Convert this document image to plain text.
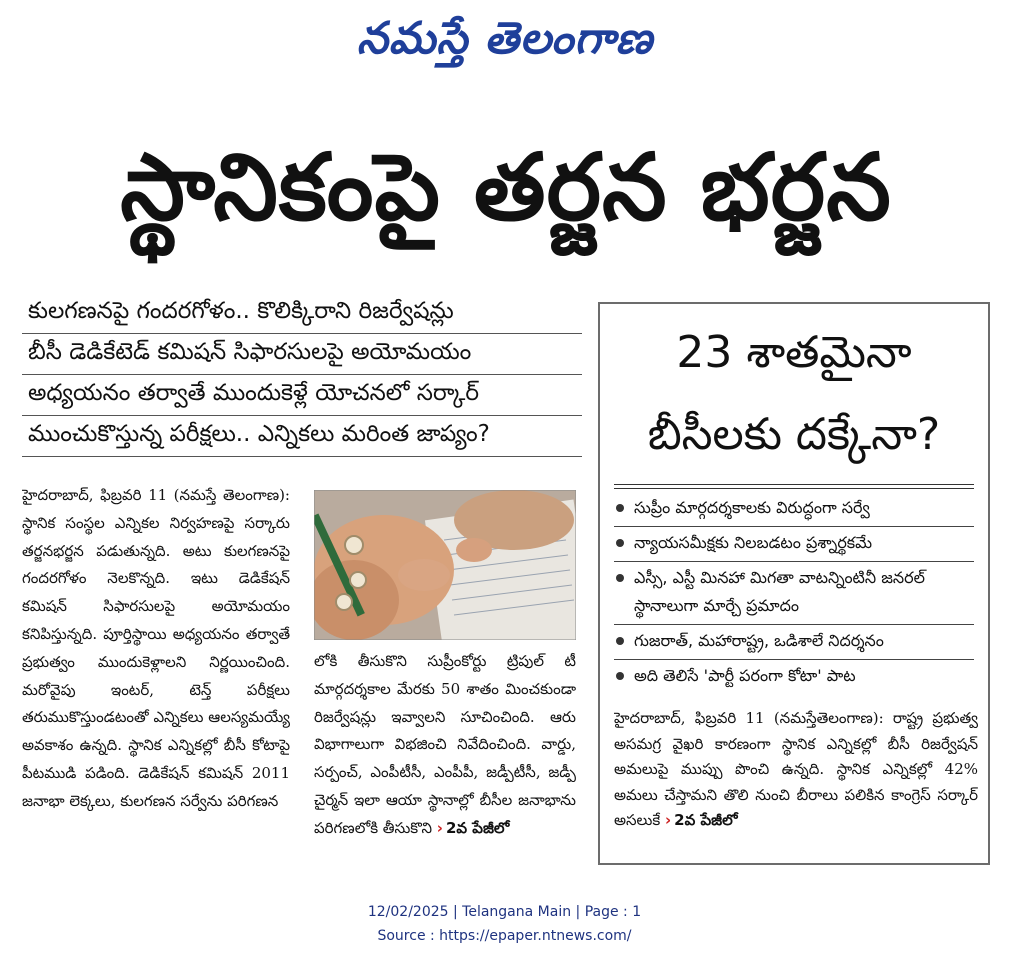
నమస్తే తెలంగాణ
స్థానికంపై తర్జన భర్జన
కులగణనపై గందరగోళం.. కొలిక్కిరాని రిజర్వేషన్లు
బీసీ డెడికేటెడ్ కమిషన్ సిఫారసులపై అయోమయం
అధ్యయనం తర్వాతే ముందుకెళ్లే యోచనలో సర్కార్
ముంచుకొస్తున్న పరీక్షలు.. ఎన్నికలు మరింత జాప్యం?
హైదరాబాద్, ఫిబ్రవరి 11 (నమస్తే తెలంగాణ): స్థానిక సంస్థల ఎన్నికల నిర్వహణపై సర్కారు తర్జనభర్జన పడుతున్నది. అటు కులగణనపై గందరగోళం నెలకొన్నది. ఇటు డెడికేషన్ కమిషన్ సిఫారసులపై అయోమయం కనిపిస్తున్నది. పూర్తిస్థాయి అధ్యయనం తర్వాతే ప్రభుత్వం ముందుకెళ్లాలని నిర్ణయించింది. మరోవైపు ఇంటర్, టెన్త్ పరీక్షలు తరుముకొస్తుండటంతో ఎన్నికలు ఆలస్యమయ్యే అవకాశం ఉన్నది. స్థానిక ఎన్నికల్లో బీసీ కోటాపై పీటముడి పడింది. డెడికేషన్ కమిషన్ 2011 జనాభా లెక్కలు, కులగణన సర్వేను పరిగణన
లోకి తీసుకొని సుప్రీంకోర్టు ట్రిపుల్ టీ మార్గదర్శకాల మేరకు 50 శాతం మించకుండా రిజర్వేషన్లు ఇవ్వాలని సూచించింది. ఆరు విభాగాలుగా విభజించి నివేదించింది. వార్డు, సర్పంచ్, ఎంపీటీసీ, ఎంపీపీ, జడ్పీటీసీ, జడ్పీ చైర్మన్ ఇలా ఆయా స్థానాల్లో బీసీల జనాభాను పరిగణలోకి తీసుకొని › 2వ పేజీలో
23 శాతమైనా
బీసీలకు దక్కేనా?
సుప్రీం మార్గదర్శకాలకు విరుద్ధంగా సర్వే
న్యాయసమీక్షకు నిలబడటం ప్రశ్నార్థకమే
ఎస్సీ, ఎస్టీ మినహా మిగతా వాటన్నింటినీ జనరల్ స్థానాలుగా మార్చే ప్రమాదం
గుజరాత్, మహారాష్ట్ర, ఒడిశాలే నిదర్శనం
అది తెలిసే 'పార్టీ పరంగా కోటా' పాట
హైదరాబాద్, ఫిబ్రవరి 11 (నమస్తేతెలంగాణ): రాష్ట్ర ప్రభుత్వ అసమగ్ర వైఖరి కారణంగా స్థానిక ఎన్నికల్లో బీసీ రిజర్వేషన్ అమలుపై ముప్పు పొంచి ఉన్నది. స్థానిక ఎన్నికల్లో 42% అమలు చేస్తామని తొలి నుంచి బీరాలు పలికిన కాంగ్రెస్ సర్కార్ అసలుకే › 2వ పేజీలో
12/02/2025 | Telangana Main | Page : 1
Source : https://epaper.ntnews.com/
